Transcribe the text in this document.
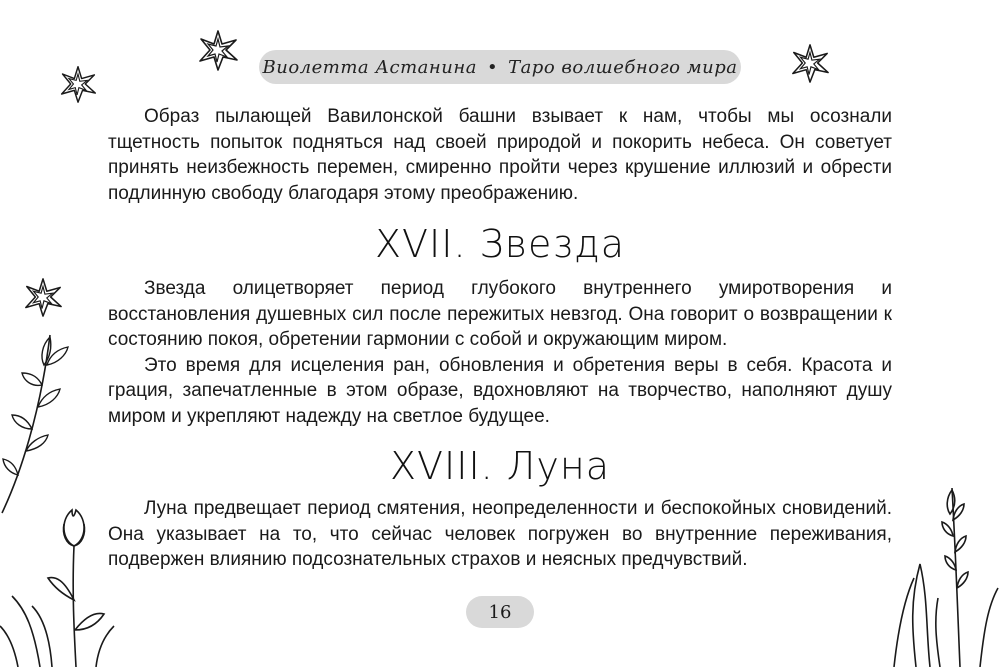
Виолетта Астанина • Таро волшебного мира

Образ пылающей Вавилонской башни взывает к нам, чтобы мы осознали тщетность попыток подняться над своей природой и покорить небеса. Он советует принять неизбежность перемен, смиренно пройти через крушение иллюзий и обрести подлинную свободу благодаря этому преображению.

XVII. Звезда

Звезда олицетворяет период глубокого внутреннего умиротворения и восстановления душевных сил после пережитых невзгод. Она говорит о возвращении к состоянию покоя, обретении гармонии с собой и окружающим миром.

Это время для исцеления ран, обновления и обретения веры в себя. Красота и грация, запечатленные в этом образе, вдохновляют на творчество, наполняют душу миром и укрепляют надежду на светлое будущее.

XVIII. Луна

Луна предвещает период смятения, неопределенности и беспокойных сновидений. Она указывает на то, что сейчас человек погружен во внутренние переживания, подвержен влиянию подсознательных страхов и неясных предчувствий.

16
